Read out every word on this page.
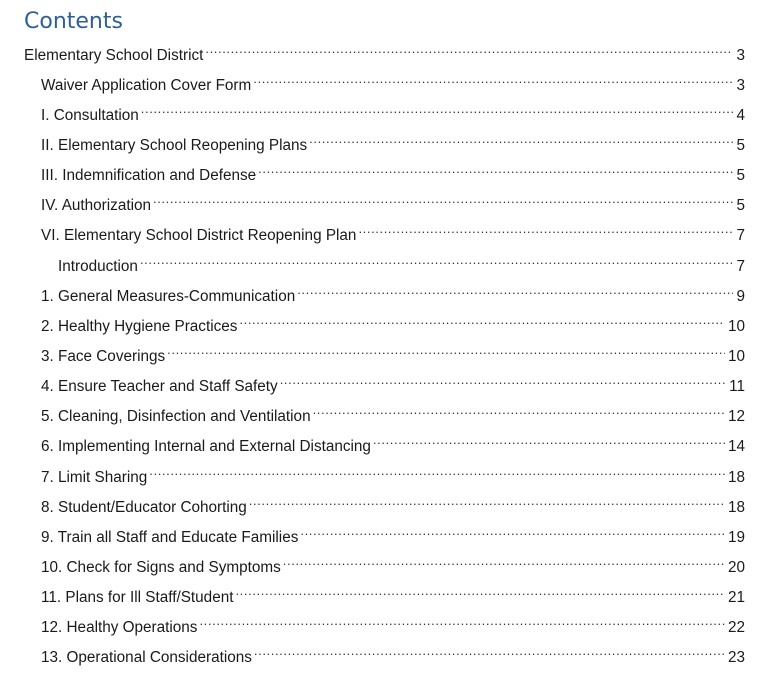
Contents
Elementary School District .....	3
Waiver Application Cover Form .....	3
I. Consultation .....	4
II. Elementary School Reopening Plans .....	5
III. Indemnification and Defense .....	5
IV. Authorization .....	5
VI. Elementary School District Reopening Plan .....	7
Introduction .....	7
1. General Measures-Communication .....	9
2. Healthy Hygiene Practices .....	10
3. Face Coverings .....	10
4. Ensure Teacher and Staff Safety .....	11
5. Cleaning, Disinfection and Ventilation .....	12
6. Implementing Internal and External Distancing .....	14
7. Limit Sharing .....	18
8. Student/Educator Cohorting .....	18
9. Train all Staff and Educate Families .....	19
10. Check for Signs and Symptoms .....	20
11. Plans for Ill Staff/Student .....	21
12. Healthy Operations .....	22
13. Operational Considerations .....	23
